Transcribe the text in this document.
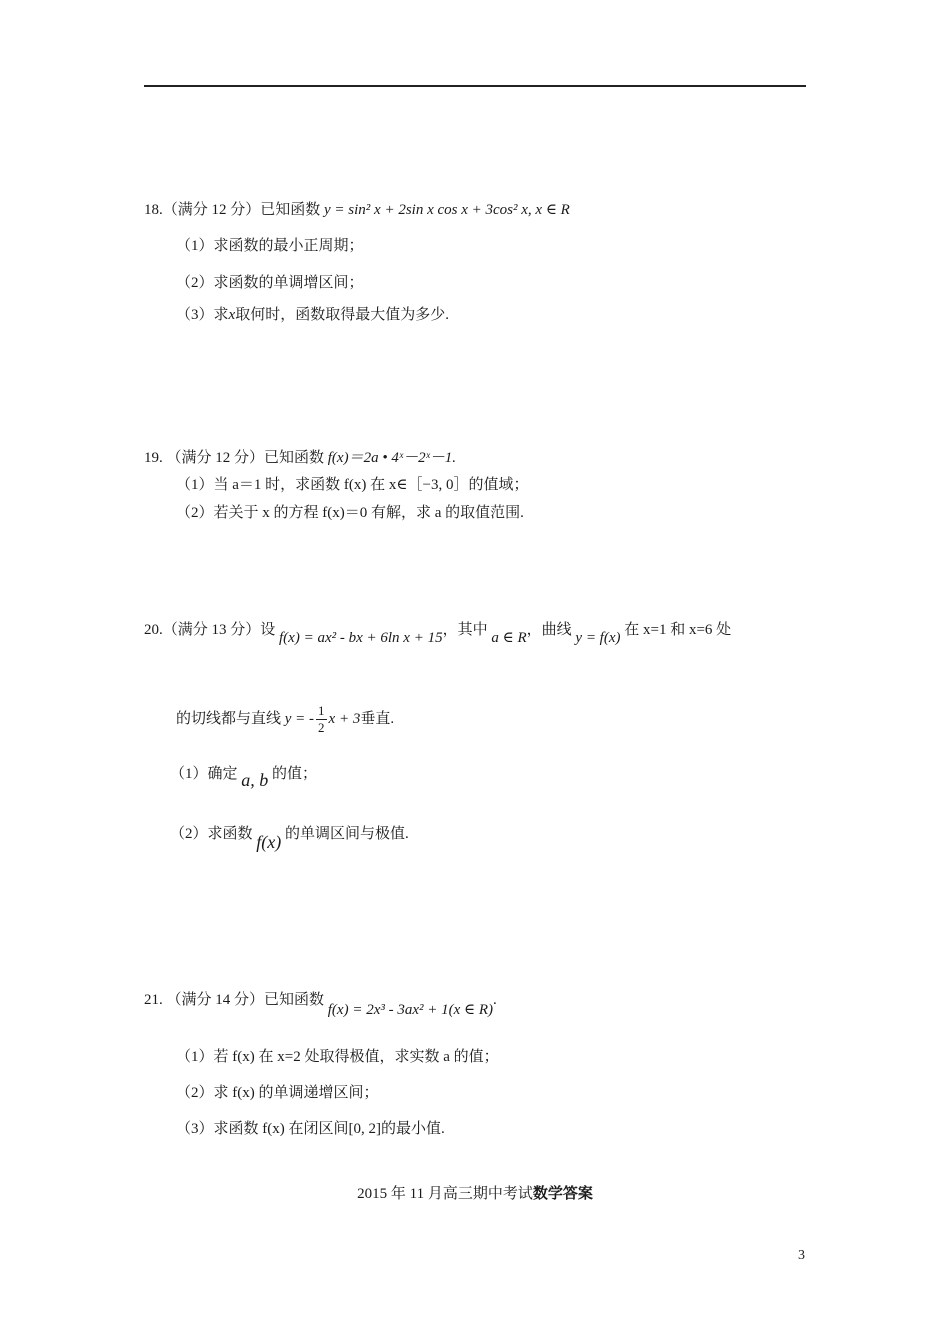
18.（满分 12 分）已知函数 y = sin² x + 2sin x cos x + 3cos² x, x ∈ R
（1）求函数的最小正周期；
（2）求函数的单调增区间；
（3）求x取何时，函数取得最大值为多少.
19. （满分 12 分）已知函数 f(x)＝2a • 4ˣ－2ˣ－1.
（1）当 a＝1 时，求函数 f(x) 在 x∈［−3, 0］的值域；
（2）若关于 x 的方程 f(x)＝0 有解，求 a 的取值范围.
20.（满分 13 分）设 f(x) = ax² - bx + 6ln x + 15，其中 a ∈ R，曲线 y = f(x) 在 x=1 和 x=6 处
的切线都与直线 y = - $\frac{1}{2}$ x + 3垂直.
（1）确定 a, b 的值；
（2）求函数 f(x) 的单调区间与极值.
21. （满分 14 分）已知函数 f(x) = 2x³ - 3ax² + 1(x ∈ R).
（1）若 f(x) 在 x=2 处取得极值，求实数 a 的值；
（2）求 f(x) 的单调递增区间；
（3）求函数 f(x) 在闭区间[0, 2]的最小值.
2015 年 11 月高三期中考试数学答案
3
